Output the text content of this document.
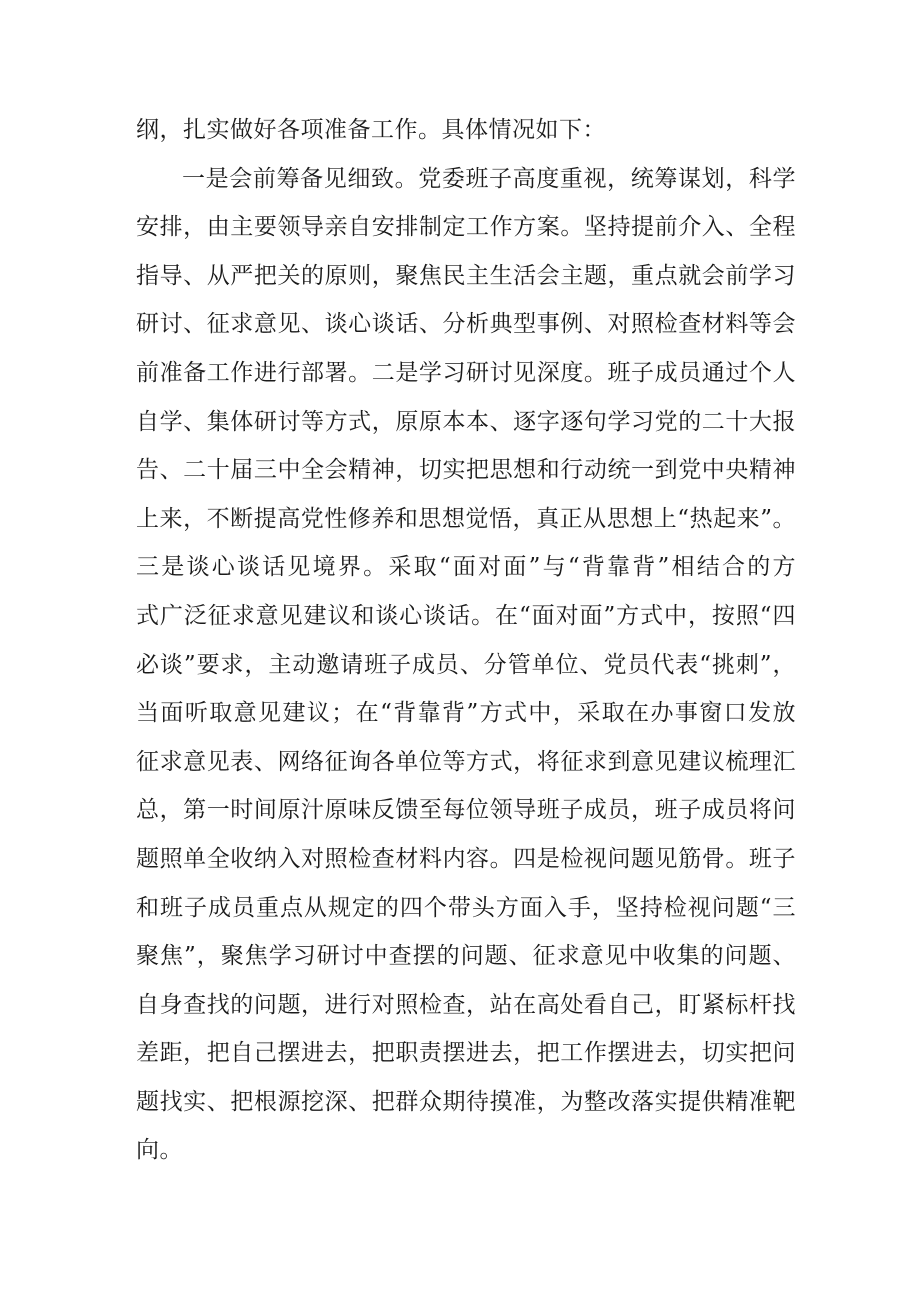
纲，扎实做好各项准备工作。具体情况如下：
一是会前筹备见细致。党委班子高度重视，统筹谋划，科学
安排，由主要领导亲自安排制定工作方案。坚持提前介入、全程
指导、从严把关的原则，聚焦民主生活会主题，重点就会前学习
研讨、征求意见、谈心谈话、分析典型事例、对照检查材料等会
前准备工作进行部署。二是学习研讨见深度。班子成员通过个人
自学、集体研讨等方式，原原本本、逐字逐句学习党的二十大报
告、二十届三中全会精神，切实把思想和行动统一到党中央精神
上来，不断提高党性修养和思想觉悟，真正从思想上“热起来”。
三是谈心谈话见境界。采取“面对面”与“背靠背”相结合的方
式广泛征求意见建议和谈心谈话。在“面对面”方式中，按照“四
必谈”要求，主动邀请班子成员、分管单位、党员代表“挑刺”，
当面听取意见建议；在“背靠背”方式中，采取在办事窗口发放
征求意见表、网络征询各单位等方式，将征求到意见建议梳理汇
总，第一时间原汁原味反馈至每位领导班子成员，班子成员将问
题照单全收纳入对照检查材料内容。四是检视问题见筋骨。班子
和班子成员重点从规定的四个带头方面入手，坚持检视问题“三
聚焦”，聚焦学习研讨中查摆的问题、征求意见中收集的问题、
自身查找的问题，进行对照检查，站在高处看自己，盯紧标杆找
差距，把自己摆进去，把职责摆进去，把工作摆进去，切实把问
题找实、把根源挖深、把群众期待摸准，为整改落实提供精准靶
向。
